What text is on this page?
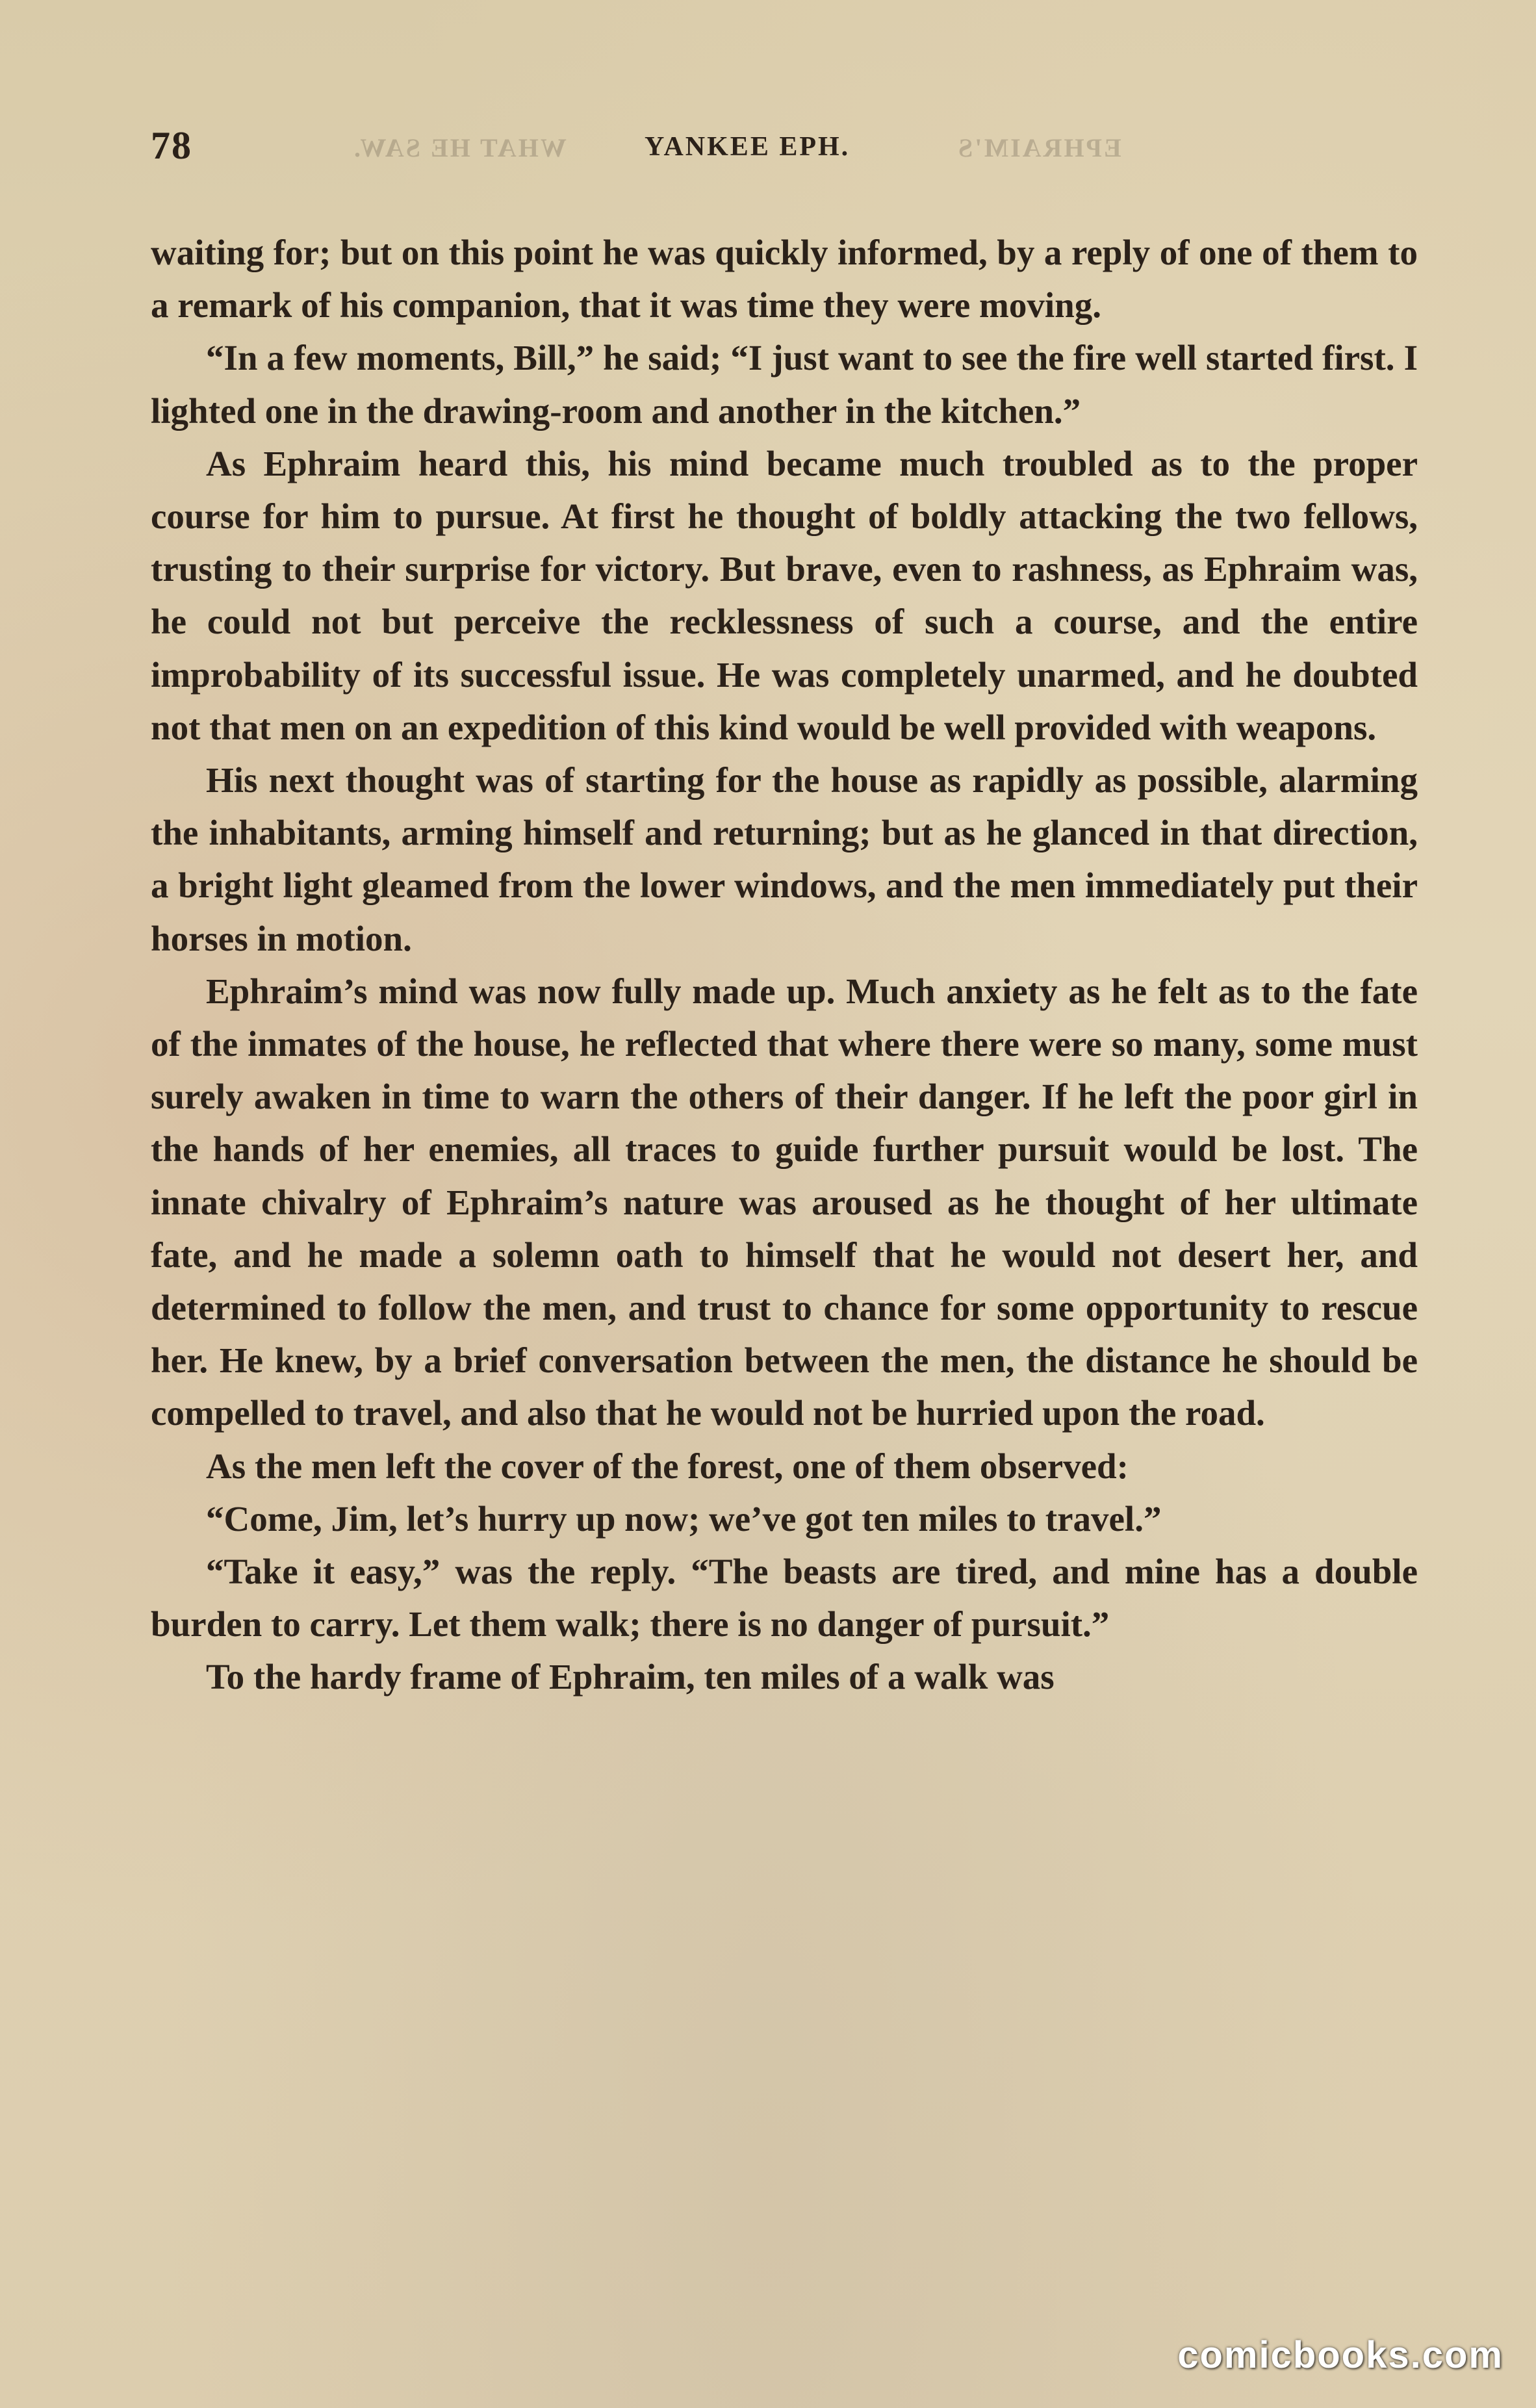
78	WHAT HE SAW.	YANKEE EPH.	EPHRAIM'S

waiting for; but on this point he was quickly informed, by a reply of one of them to a remark of his companion, that it was time they were moving.

“In a few moments, Bill,” he said; “I just want to see the fire well started first. I lighted one in the drawing-room and another in the kitchen.”

As Ephraim heard this, his mind became much troubled as to the proper course for him to pursue. At first he thought of boldly attacking the two fellows, trusting to their surprise for victory. But brave, even to rashness, as Ephraim was, he could not but perceive the recklessness of such a course, and the entire improbability of its successful issue. He was completely unarmed, and he doubted not that men on an expedition of this kind would be well provided with weapons.

His next thought was of starting for the house as rapidly as possible, alarming the inhabitants, arming himself and returning; but as he glanced in that direction, a bright light gleamed from the lower windows, and the men immediately put their horses in motion.

Ephraim’s mind was now fully made up. Much anxiety as he felt as to the fate of the inmates of the house, he reflected that where there were so many, some must surely awaken in time to warn the others of their danger. If he left the poor girl in the hands of her enemies, all traces to guide further pursuit would be lost. The innate chivalry of Ephraim’s nature was aroused as he thought of her ultimate fate, and he made a solemn oath to himself that he would not desert her, and determined to follow the men, and trust to chance for some opportunity to rescue her. He knew, by a brief conversation between the men, the distance he should be compelled to travel, and also that he would not be hurried upon the road.

As the men left the cover of the forest, one of them observed:

“Come, Jim, let’s hurry up now; we’ve got ten miles to travel.”

“Take it easy,” was the reply. “The beasts are tired, and mine has a double burden to carry. Let them walk; there is no danger of pursuit.”

To the hardy frame of Ephraim, ten miles of a walk was

comicbooks.com
